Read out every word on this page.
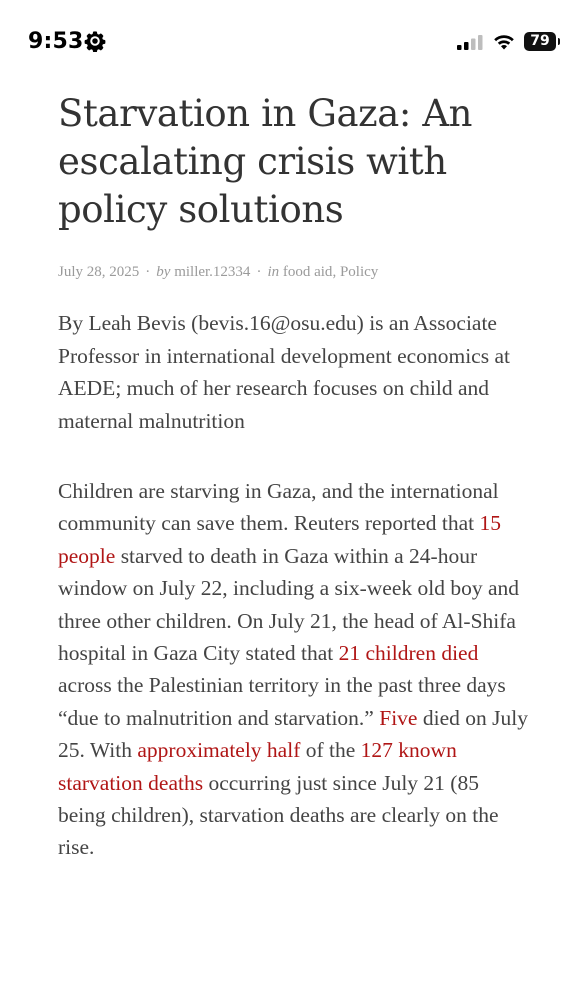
9:53	79
Starvation in Gaza: An escalating crisis with policy solutions
July 28, 2025 · by miller.12334 · in food aid, Policy

By Leah Bevis (bevis.16@osu.edu) is an Associate Professor in international development economics at AEDE; much of her research focuses on child and maternal malnutrition

Children are starving in Gaza, and the international community can save them. Reuters reported that 15 people starved to death in Gaza within a 24-hour window on July 22, including a six-week old boy and three other children. On July 21, the head of Al-Shifa hospital in Gaza City stated that 21 children died across the Palestinian territory in the past three days “due to malnutrition and starvation.” Five died on July 25. With approximately half of the 127 known starvation deaths occurring just since July 21 (85 being children), starvation deaths are clearly on the rise.
